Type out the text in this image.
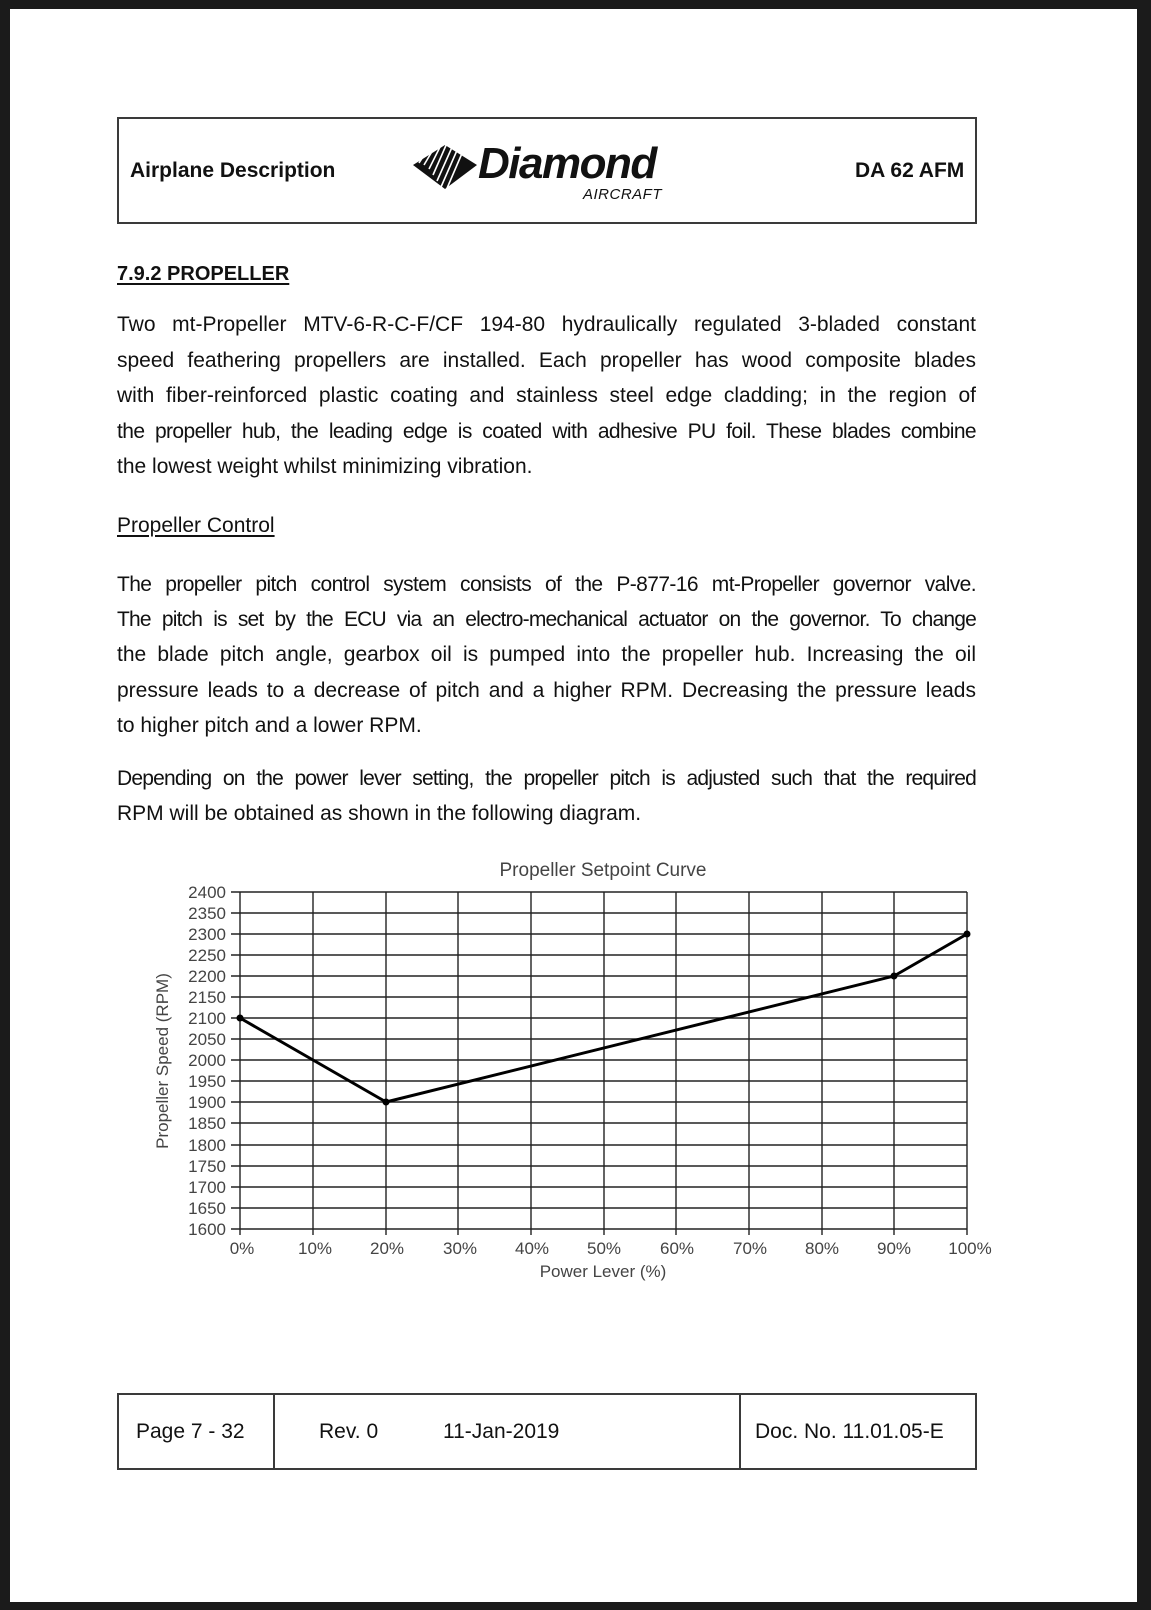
Airplane Description	Diamond
AIRCRAFT
DA 62 AFM
7.9.2 PROPELLER
Two mt-Propeller MTV-6-R-C-F/CF 194-80 hydraulically regulated 3-bladed constant
speed feathering propellers are installed. Each propeller has wood composite blades
with fiber-reinforced plastic coating and stainless steel edge cladding; in the region of
the propeller hub, the leading edge is coated with adhesive PU foil. These blades combine
the lowest weight whilst minimizing vibration.
Propeller Control
The propeller pitch control system consists of the P-877-16 mt-Propeller governor valve.
The pitch is set by the ECU via an electro-mechanical actuator on the governor. To change
the blade pitch angle, gearbox oil is pumped into the propeller hub. Increasing the oil
pressure leads to a decrease of pitch and a higher RPM. Decreasing the pressure leads
to higher pitch and a lower RPM.
Depending on the power lever setting, the propeller pitch is adjusted such that the required
RPM will be obtained as shown in the following diagram.
Propeller Setpoint Curve
2400
2350
2300
2250
2200
2150
2100
2050
2000
1950
1900
1850
1800
1750
1700
1650
1600
Propeller Speed (RPM)
0%	10% 20% 30% 40% 50% 60% 70% 80% 90% 100%
Power Lever (%)
Page 7 - 32	Rev. 0	11-Jan-2019	Doc. No. 11.01.05-E
